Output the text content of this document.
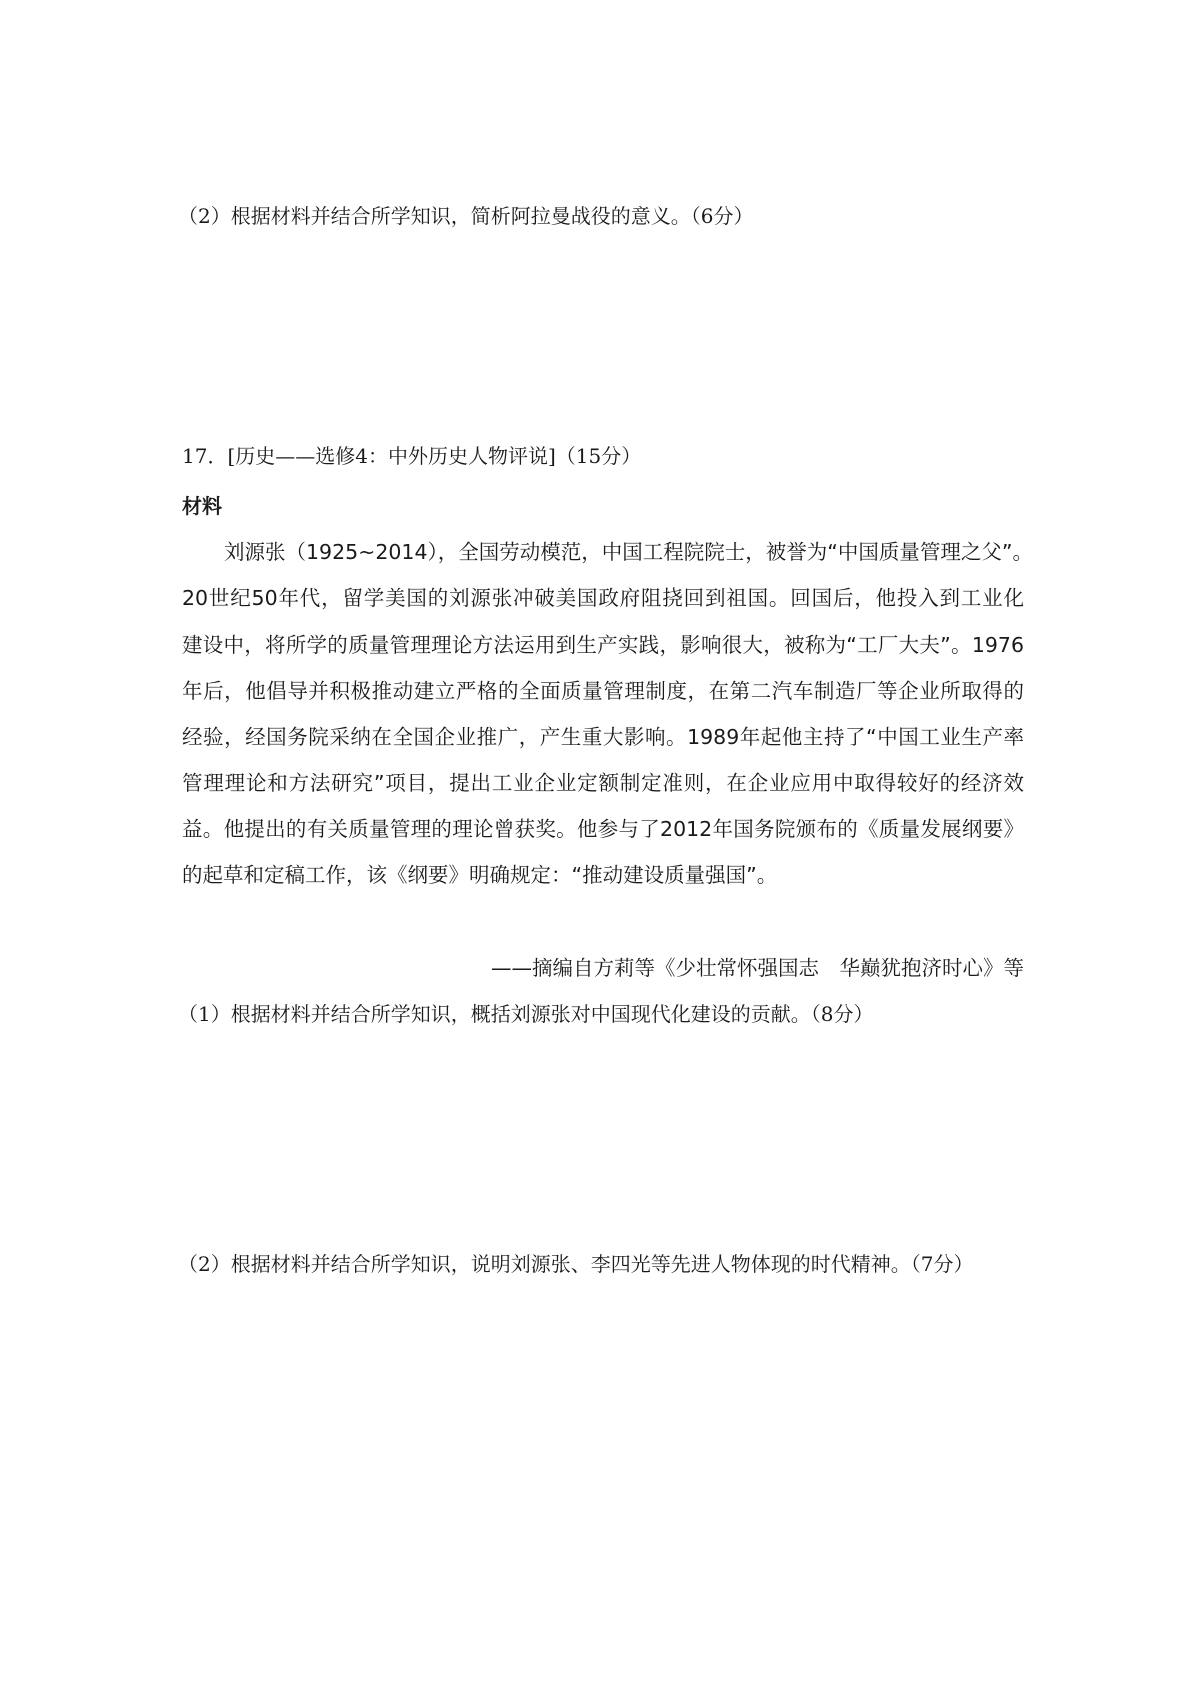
（2）根据材料并结合所学知识，简析阿拉曼战役的意义。（6分）
17．[历史——选修4：中外历史人物评说]（15分）
材料
刘源张（1925~2014），全国劳动模范，中国工程院院士，被誉为“中国质量管理之父”。
20世纪50年代，留学美国的刘源张冲破美国政府阻挠回到祖国。回国后，他投入到工业化
建设中，将所学的质量管理理论方法运用到生产实践，影响很大，被称为“工厂大夫”。1976
年后，他倡导并积极推动建立严格的全面质量管理制度，在第二汽车制造厂等企业所取得的
经验，经国务院采纳在全国企业推广，产生重大影响。1989年起他主持了“中国工业生产率
管理理论和方法研究”项目，提出工业企业定额制定准则，在企业应用中取得较好的经济效
益。他提出的有关质量管理的理论曾获奖。他参与了2012年国务院颁布的《质量发展纲要》
的起草和定稿工作，该《纲要》明确规定：“推动建设质量强国”。
——摘编自方莉等《少壮常怀强国志　华巅犹抱济时心》等
（1）根据材料并结合所学知识，概括刘源张对中国现代化建设的贡献。（8分）
（2）根据材料并结合所学知识，说明刘源张、李四光等先进人物体现的时代精神。（7分）
